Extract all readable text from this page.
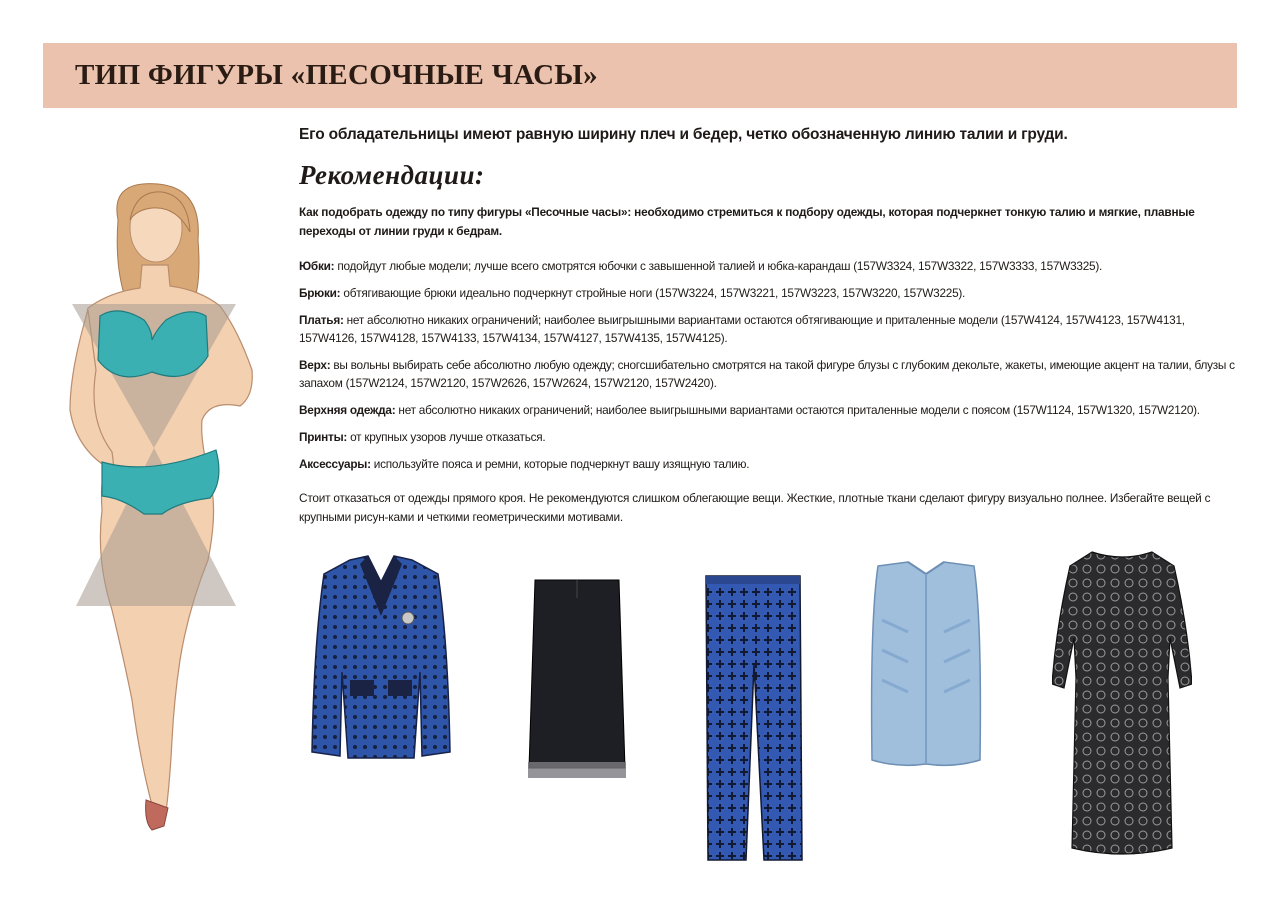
ТИП ФИГУРЫ «ПЕСОЧНЫЕ ЧАСЫ»
Его обладательницы имеют равную ширину плеч и бедер, четко обозначенную линию талии и груди.
Рекомендации:
Как подобрать одежду по типу фигуры «Песочные часы»: необходимо стремиться к подбору одежды, которая подчеркнет тонкую талию и мягкие, плавные переходы от линии груди к бедрам.
Юбки: подойдут любые модели; лучше всего смотрятся юбочки с завышенной талией и юбка-карандаш (157W3324, 157W3322, 157W3333, 157W3325).
Брюки: обтягивающие брюки идеально подчеркнут стройные ноги (157W3224, 157W3221, 157W3223, 157W3220, 157W3225).
Платья: нет абсолютно никаких ограничений; наиболее выигрышными вариантами остаются обтягивающие и приталенные модели (157W4124, 157W4123, 157W4131, 157W4126, 157W4128, 157W4133, 157W4134, 157W4127, 157W4135, 157W4125).
Верх: вы вольны выбирать себе абсолютно любую одежду; сногсшибательно смотрятся на такой фигуре блузы с глубоким декольте, жакеты, имеющие акцент на талии, блузы с запахом (157W2124, 157W2120, 157W2626, 157W2624, 157W2120, 157W2420).
Верхняя одежда: нет абсолютно никаких ограничений; наиболее выигрышными вариантами остаются приталенные модели с поясом (157W1124, 157W1320, 157W2120).
Принты: от крупных узоров лучше отказаться.
Аксессуары: используйте пояса и ремни, которые подчеркнут вашу изящную талию.
Стоит отказаться от одежды прямого кроя. Не рекомендуются слишком облегающие вещи. Жесткие, плотные ткани сделают фигуру визуально полнее. Избегайте вещей с крупными рисун-ками и четкими геометрическими мотивами.
